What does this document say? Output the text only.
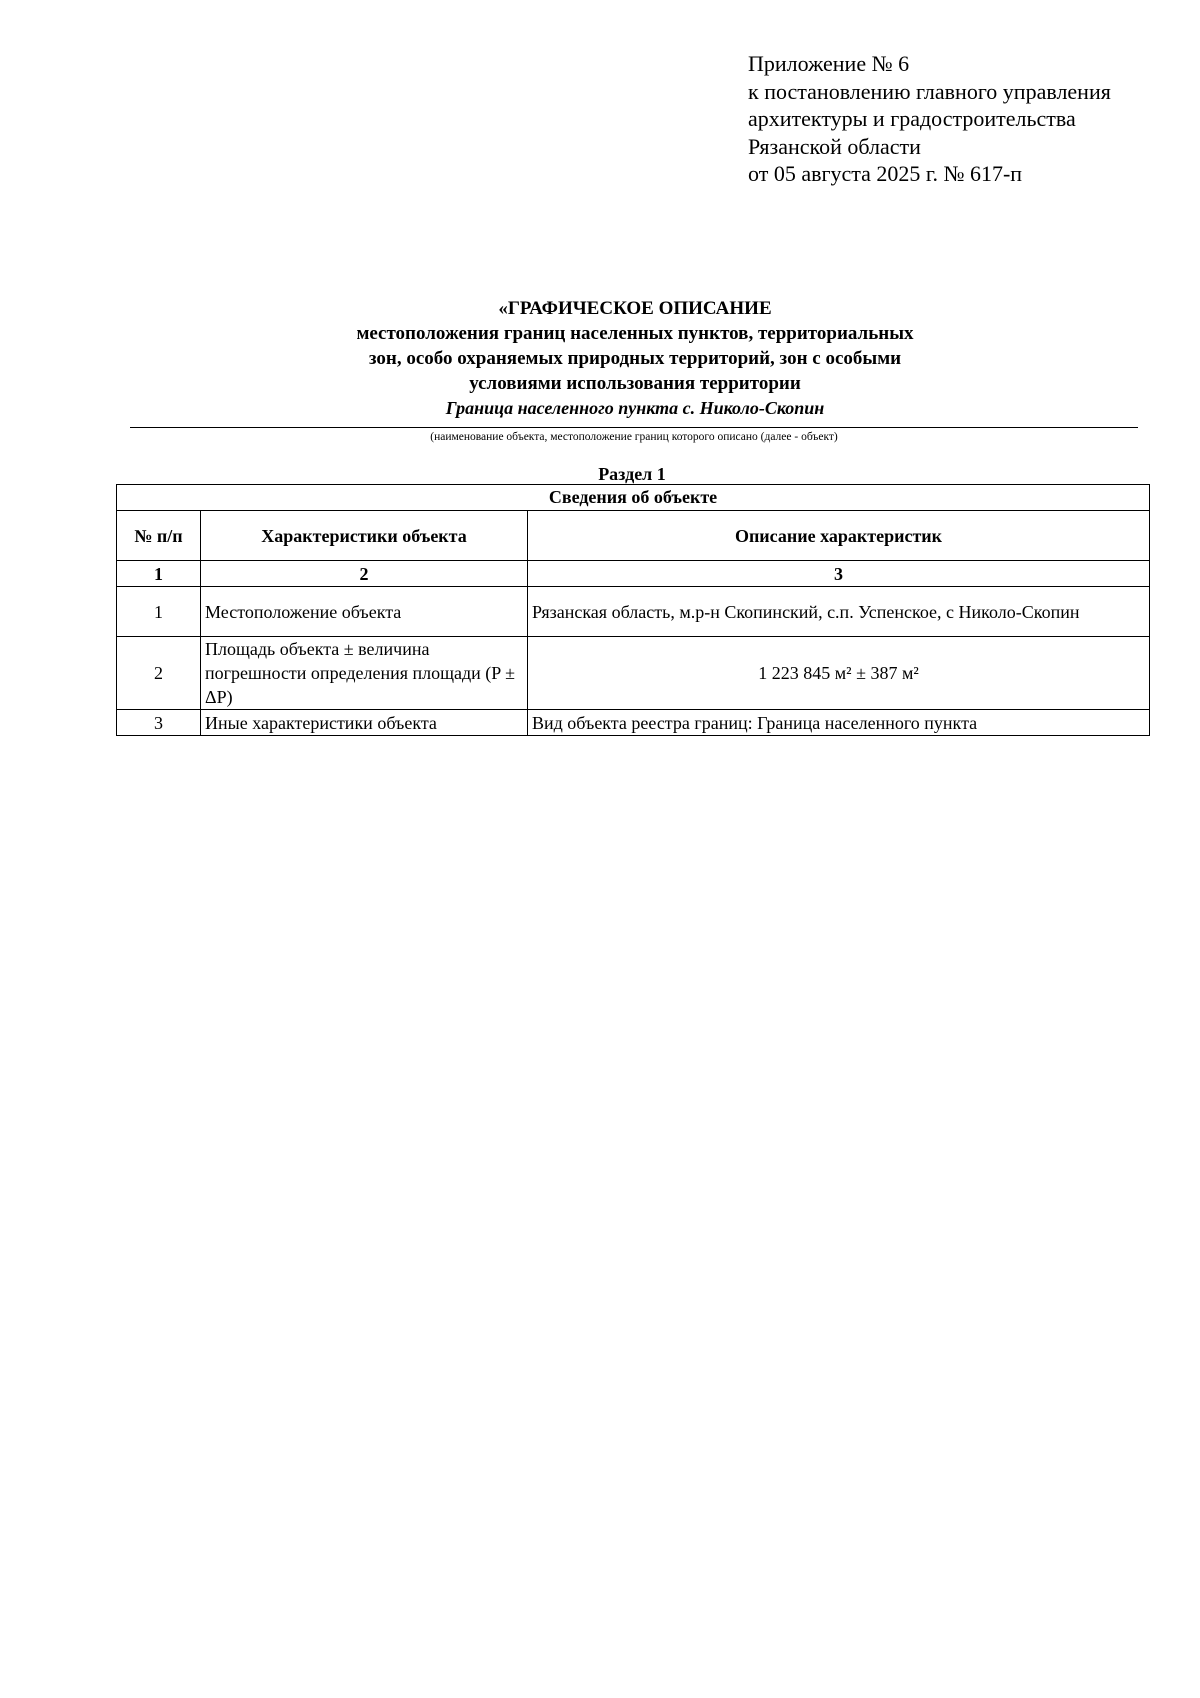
Приложение № 6
к постановлению главного управления
архитектуры и градостроительства
Рязанской области
от 05 августа 2025 г. № 617-п
«ГРАФИЧЕСКОЕ ОПИСАНИЕ
местоположения границ населенных пунктов, территориальных
зон, особо охраняемых природных территорий, зон с особыми
условиями использования территории
Граница населенного пункта с. Николо-Скопин
(наименование объекта, местоположение границ которого описано (далее - объект)
Раздел 1
Сведения об объекте		
№ п/п	Характеристики объекта	Описание характеристик
1	2	3
1	Местоположение объекта	Рязанская область, м.р-н Скопинский, с.п. Успенское, с Николо-Скопин
2	Площадь объекта ± величина погрешности определения площади (P ± ΔP)	1 223 845 м² ± 387 м²
3	Иные характеристики объекта	Вид объекта реестра границ: Граница населенного пункта
